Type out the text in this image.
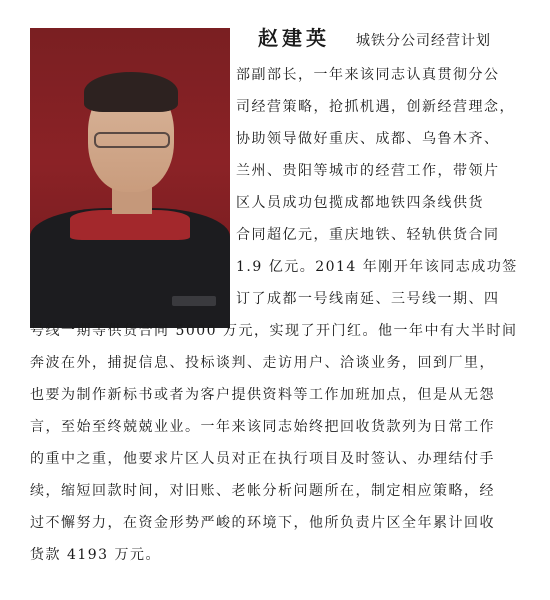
赵建英 城铁分公司经营计划
部副部长，一年来该同志认真贯彻分公
司经营策略，抢抓机遇，创新经营理念，
协助领导做好重庆、成都、乌鲁木齐、
兰州、贵阳等城市的经营工作，带领片
区人员成功包揽成都地铁四条线供货
合同超亿元，重庆地铁、轻轨供货合同
1.9 亿元。2014 年刚开年该同志成功签
订了成都一号线南延、三号线一期、四
号线一期等供货合同 5000 万元，实现了开门红。他一年中有大半时间
奔波在外，捕捉信息、投标谈判、走访用户、洽谈业务，回到厂里，
也要为制作新标书或者为客户提供资料等工作加班加点，但是从无怨
言，至始至终兢兢业业。一年来该同志始终把回收货款列为日常工作
的重中之重，他要求片区人员对正在执行项目及时签认、办理结付手
续，缩短回款时间，对旧账、老帐分析问题所在，制定相应策略，经
过不懈努力，在资金形势严峻的环境下，他所负责片区全年累计回收
货款 4193 万元。
